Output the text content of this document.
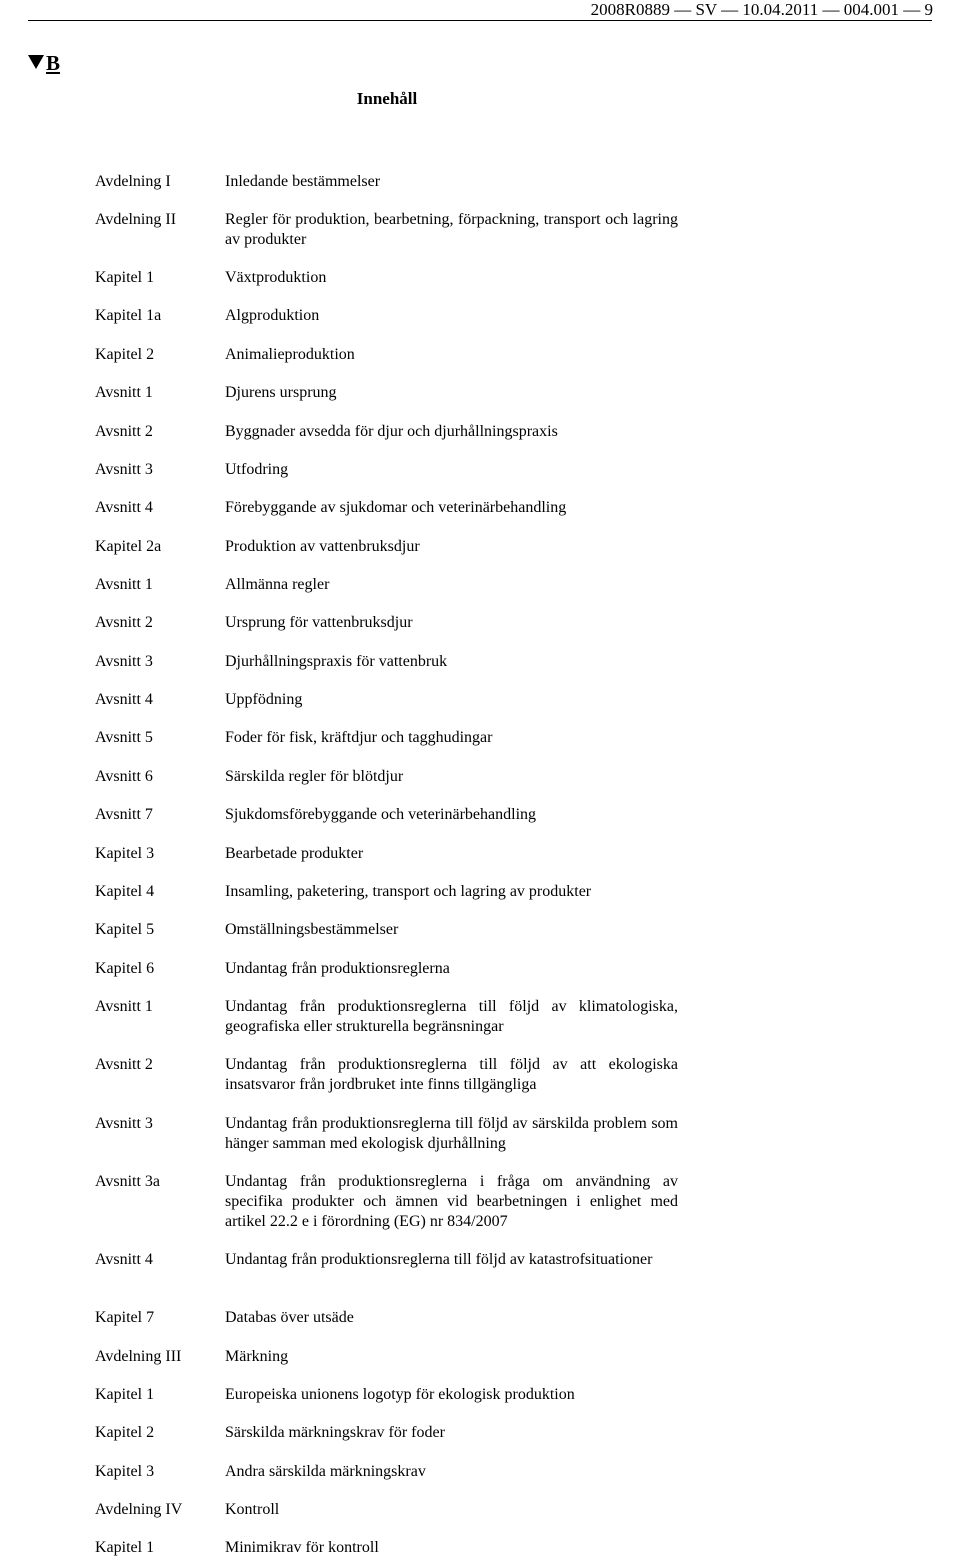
2008R0889 — SV — 10.04.2011 — 004.001 — 9
B
Innehåll
Avdelning I	Inledande bestämmelser
Avdelning II	Regler för produktion, bearbetning, förpackning, transport och lagring av produkter
Kapitel 1	Växtproduktion
Kapitel 1a	Algproduktion
Kapitel 2	Animalieproduktion
Avsnitt 1	Djurens ursprung
Avsnitt 2	Byggnader avsedda för djur och djurhållningspraxis
Avsnitt 3	Utfodring
Avsnitt 4	Förebyggande av sjukdomar och veterinärbehandling
Kapitel 2a	Produktion av vattenbruksdjur
Avsnitt 1	Allmänna regler
Avsnitt 2	Ursprung för vattenbruksdjur
Avsnitt 3	Djurhållningspraxis för vattenbruk
Avsnitt 4	Uppfödning
Avsnitt 5	Foder för fisk, kräftdjur och tagghudingar
Avsnitt 6	Särskilda regler för blötdjur
Avsnitt 7	Sjukdomsförebyggande och veterinärbehandling
Kapitel 3	Bearbetade produkter
Kapitel 4	Insamling, paketering, transport och lagring av produkter
Kapitel 5	Omställningsbestämmelser
Kapitel 6	Undantag från produktionsreglerna
Avsnitt 1	Undantag från produktionsreglerna till följd av klimatologiska, geografiska eller strukturella begränsningar
Avsnitt 2	Undantag från produktionsreglerna till följd av att ekologiska insatsvaror från jordbruket inte finns tillgängliga
Avsnitt 3	Undantag från produktionsreglerna till följd av särskilda problem som hänger samman med ekologisk djurhållning
Avsnitt 3a	Undantag från produktionsreglerna i fråga om användning av specifika produkter och ämnen vid bearbetningen i enlighet med artikel 22.2 e i förordning (EG) nr 834/2007
Avsnitt 4	Undantag från produktionsreglerna till följd av katastrofsituationer
Kapitel 7	Databas över utsäde
Avdelning III	Märkning
Kapitel 1	Europeiska unionens logotyp för ekologisk produktion
Kapitel 2	Särskilda märkningskrav för foder
Kapitel 3	Andra särskilda märkningskrav
Avdelning IV	Kontroll
Kapitel 1	Minimikrav för kontroll
